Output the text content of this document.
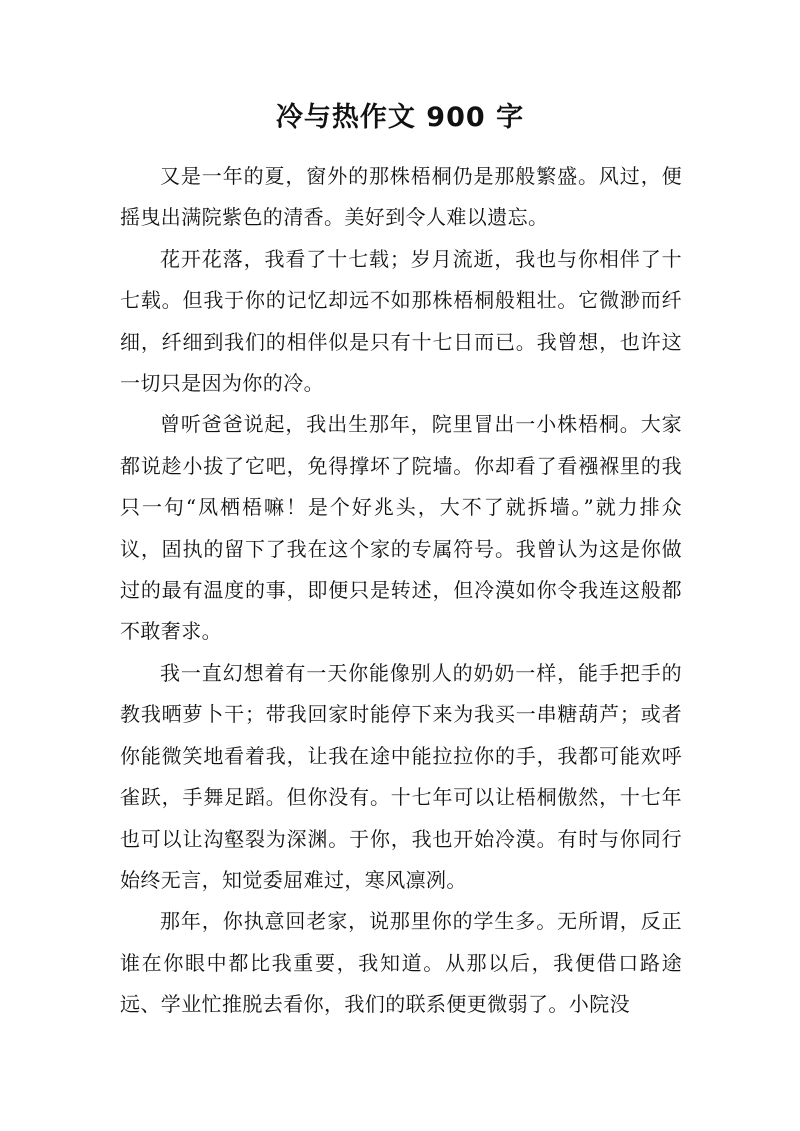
冷与热作文 900 字

又是一年的夏，窗外的那株梧桐仍是那般繁盛。风过，便摇曳出满院紫色的清香。美好到令人难以遗忘。

花开花落，我看了十七载；岁月流逝，我也与你相伴了十七载。但我于你的记忆却远不如那株梧桐般粗壮。它微渺而纤细，纤细到我们的相伴似是只有十七日而已。我曾想，也许这一切只是因为你的冷。

曾听爸爸说起，我出生那年，院里冒出一小株梧桐。大家都说趁小拔了它吧，免得撑坏了院墙。你却看了看襁褓里的我只一句“凤栖梧嘛！是个好兆头，大不了就拆墙。”就力排众议，固执的留下了我在这个家的专属符号。我曾认为这是你做过的最有温度的事，即便只是转述，但冷漠如你令我连这般都不敢奢求。

我一直幻想着有一天你能像别人的奶奶一样，能手把手的教我晒萝卜干；带我回家时能停下来为我买一串糖葫芦；或者你能微笑地看着我，让我在途中能拉拉你的手，我都可能欢呼雀跃，手舞足蹈。但你没有。十七年可以让梧桐傲然，十七年也可以让沟壑裂为深渊。于你，我也开始冷漠。有时与你同行始终无言，知觉委屈难过，寒风凛冽。

那年，你执意回老家，说那里你的学生多。无所谓，反正谁在你眼中都比我重要，我知道。从那以后，我便借口路途远、学业忙推脱去看你，我们的联系便更微弱了。小院没
